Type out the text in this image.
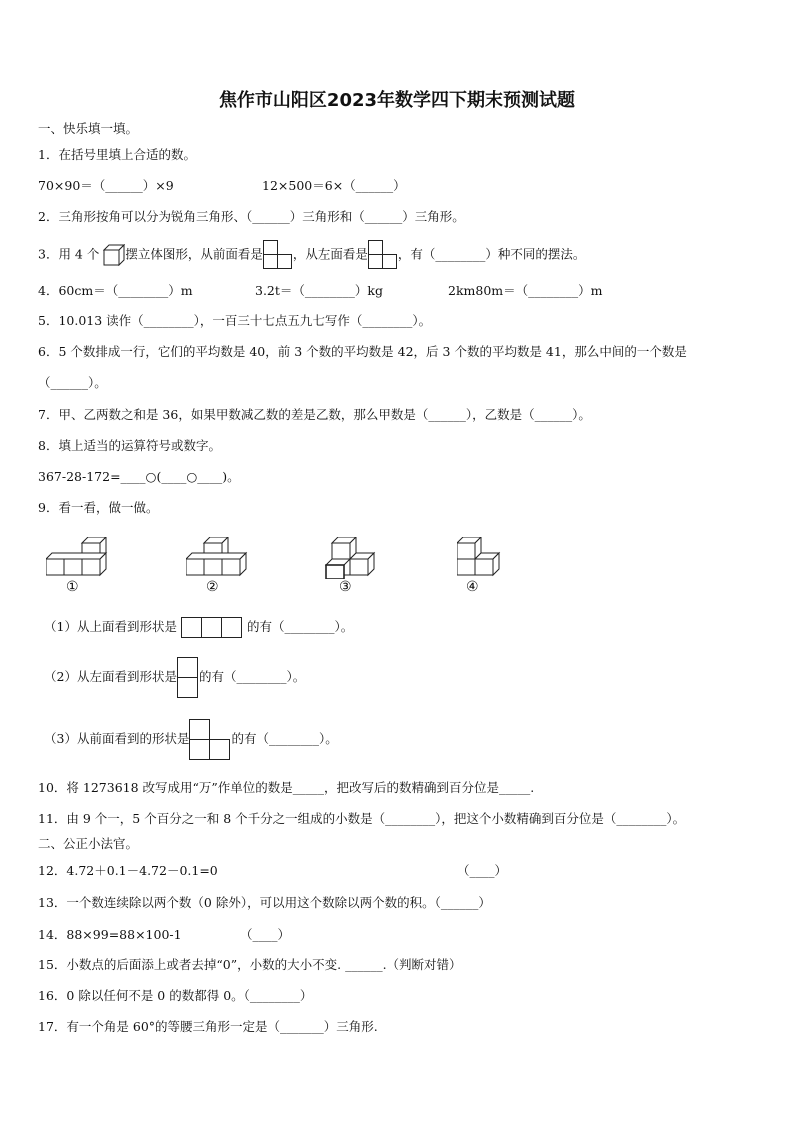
焦作市山阳区2023年数学四下期末预测试题
一、快乐填一填。
1．在括号里填上合适的数。
70×90＝（______）×9	12×500＝6×（______）
2．三角形按角可以分为锐角三角形、（______）三角形和（______）三角形。
3．用 4 个 摆立体图形，从前面看是 ，从左面看是 ，有（________）种不同的摆法。
4．60cm＝（________）m	3.2t＝（________）kg	2km80m＝（________）m
5．10.013 读作（________），一百三十七点五九七写作（________）。
6．5 个数排成一行，它们的平均数是 40，前 3 个数的平均数是 42，后 3 个数的平均数是 41，那么中间的一个数是
（______）。
7．甲、乙两数之和是 36，如果甲数减乙数的差是乙数，那么甲数是（______），乙数是（______）。
8．填上适当的运算符号或数字。
367-28-172=____○(____○____)。
9．看一看，做一做。
①	②	③	④
（1）从上面看到形状是	的有（________）。
（2）从左面看到形状是 的有（________）。
（3）从前面看到的形状是	的有（________）。
10．将 1273618 改写成用“万”作单位的数是_____，把改写后的数精确到百分位是_____.
11．由 9 个一，5 个百分之一和 8 个千分之一组成的小数是（________），把这个小数精确到百分位是（________）。
二、公正小法官。
12．4.72＋0.1－4.72－0.1=0	（____）
13．一个数连续除以两个数（0 除外），可以用这个数除以两个数的积。（______）
14．88×99=88×100-1	（____）
15．小数点的后面添上或者去掉“0”，小数的大小不变. ______.（判断对错）
16．0 除以任何不是 0 的数都得 0。（________）
17．有一个角是 60°的等腰三角形一定是（_______）三角形.
